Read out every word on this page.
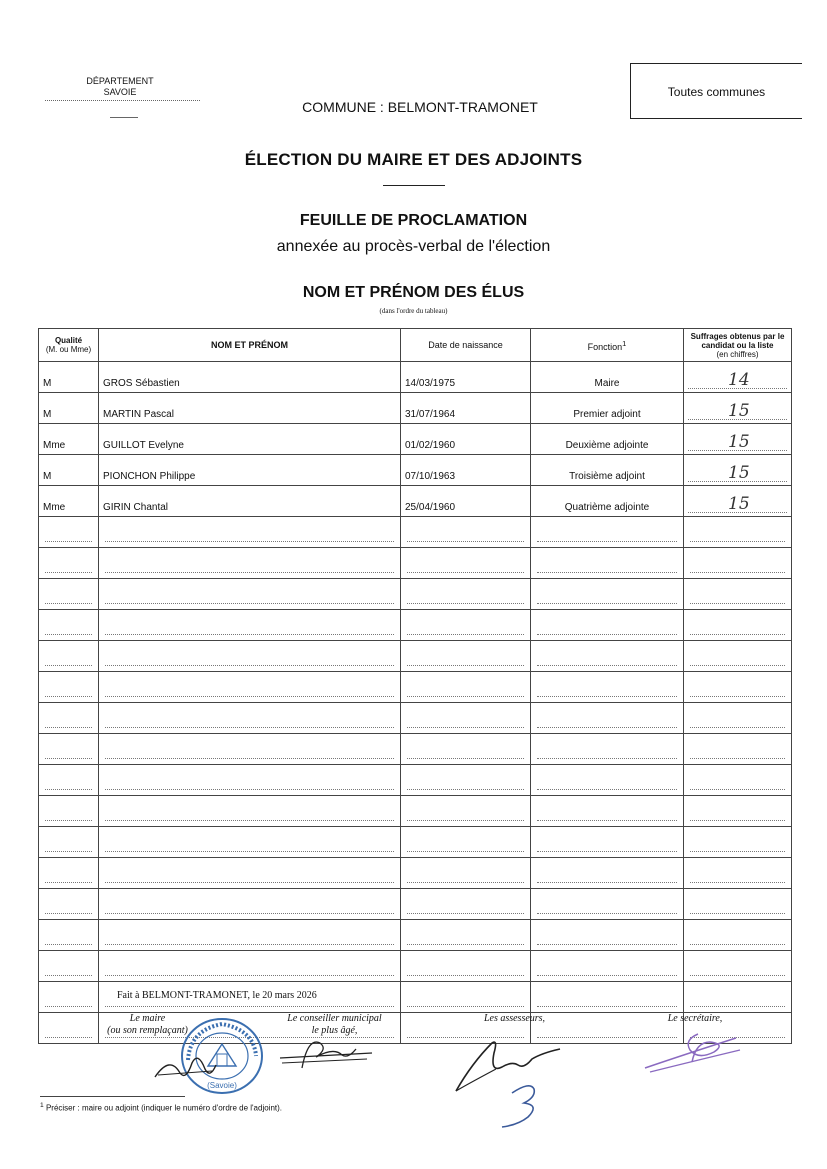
DÉPARTEMENT
SAVOIE
COMMUNE : BELMONT-TRAMONET
Toutes communes
ÉLECTION DU MAIRE ET DES ADJOINTS
FEUILLE DE PROCLAMATION
annexée au procès-verbal de l'élection
NOM ET PRÉNOM DES ÉLUS
(dans l'ordre du tableau)
Qualité
(M. ou Mme)	NOM ET PRÉNOM	Date de naissance	Fonction$^1$	Suffrages obtenus par le candidat ou la liste
(en chiffres)
M	GROS Sébastien	14/03/1975	Maire	14

M	MARTIN Pascal	31/07/1964	Premier adjoint	15

Mme	GUILLOT Evelyne	01/02/1960	Deuxième adjointe	15

M	PIONCHON Philippe	07/10/1963	Troisième adjoint	15

Mme	GIRIN Chantal	25/04/1960	Quatrième adjointe	15

Fait à BELMONT-TRAMONET, le 20 mars 2026
Le maire
(ou son remplaçant)
Le conseiller municipal
le plus âgé,
Les assesseurs,	Le secrétaire,
(Savoie)
$^1$ Préciser : maire ou adjoint (indiquer le numéro d'ordre de l'adjoint).
